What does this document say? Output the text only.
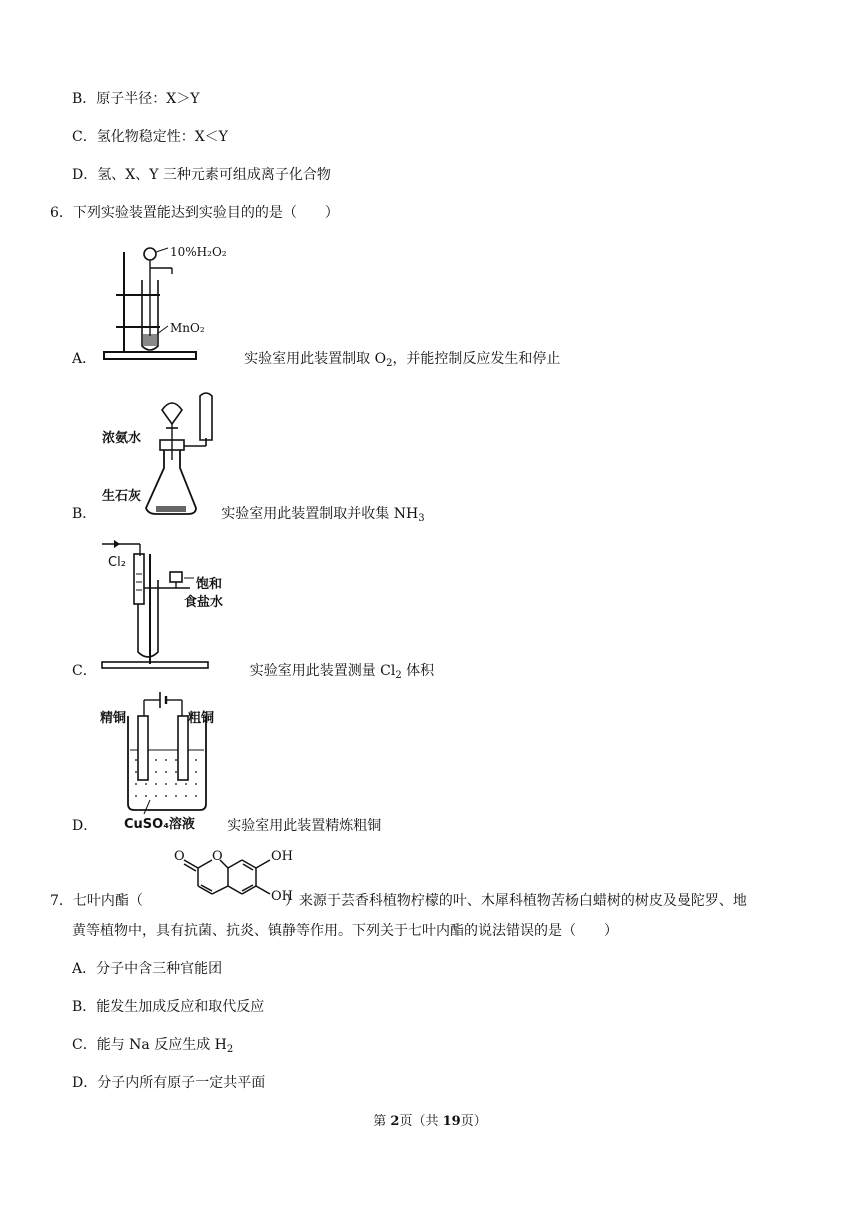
B．原子半径：X＞Y
C．氢化物稳定性：X＜Y
D．氢、X、Y 三种元素可组成离子化合物
6．下列实验装置能达到实验目的的是（　　）
10%H₂O₂
MnO₂
A．	实验室用此装置制取 $O_2$，并能控制反应发生和停止
浓氨水
生石灰
B．	实验室用此装置制取并收集 $NH_3$
Cl₂
饱和
食盐水
C．	实验室用此装置测量 $Cl_2$ 体积
精铜	粗铜
CuSO₄溶液
D．	实验室用此装置精炼粗铜
7．七叶内酯（	）来源于芸香科植物柠檬的叶、木犀科植物苦杨白蜡树的树皮及曼陀罗、地
O O	OH
OH
黄等植物中，具有抗菌、抗炎、镇静等作用。下列关于七叶内酯的说法错误的是（　　）
A．分子中含三种官能团
B．能发生加成反应和取代反应
C．能与 Na 反应生成 $H_2$
D．分子内所有原子一定共平面
第 2页（共 19页）
